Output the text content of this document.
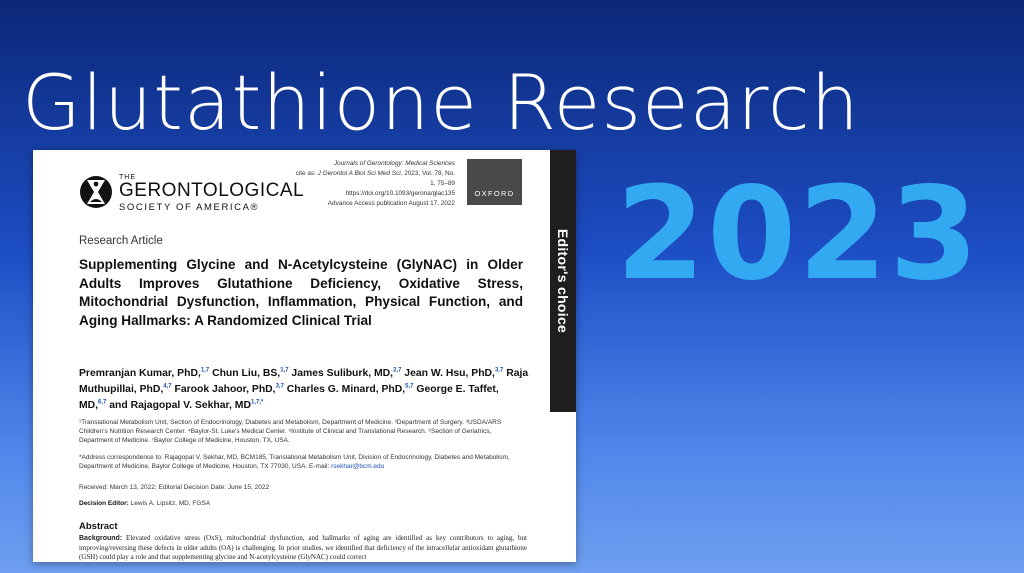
Glutathione Research
2023
Editor's choice
THE
GERONTOLOGICAL
SOCIETY OF AMERICA®
Journals of Gerontology: Medical Sciences
cite as: J Gerontol A Biol Sci Med Sci, 2023, Vol. 78, No. 1, 75–89
https://doi.org/10.1093/gerona/glac135
Advance Access publication August 17, 2022
OXFORD
Research Article
Supplementing Glycine and N-Acetylcysteine (GlyNAC) in Older Adults Improves Glutathione Deficiency, Oxidative Stress, Mitochondrial Dysfunction, Inflammation, Physical Function, and Aging Hallmarks: A Randomized Clinical Trial
Premranjan Kumar, PhD,$^{1,7}$ Chun Liu, BS,$^{1,7}$ James Suliburk, MD,$^{2,7}$ Jean W. Hsu, PhD,$^{3,7}$ Raja Muthupillai, PhD,$^{4,7}$ Farook Jahoor, PhD,$^{3,7}$ Charles G. Minard, PhD,$^{5,7}$ George E. Taffet, MD,$^{6,7}$ and Rajagopal V. Sekhar, $MD^{1,7,*}$
¹Translational Metabolism Unit, Section of Endocrinology, Diabetes and Metabolism, Department of Medicine. ²Department of Surgery. ³USDA/ARS Children's Nutrition Research Center. ⁴Baylor-St. Luke's Medical Center. ⁵Institute of Clinical and Translational Research. ⁶Section of Geriatrics, Department of Medicine. ⁷Baylor College of Medicine, Houston, TX, USA.
*Address correspondence to: Rajagopal V. Sekhar, MD, BCM185, Translational Metabolism Unit, Division of Endocrinology, Diabetes and Metabolism, Department of Medicine, Baylor College of Medicine, Houston, TX 77030, USA. E-mail: rsekhar@bcm.edu
Received: March 13, 2022; Editorial Decision Date: June 15, 2022
Decision Editor: Lewis A. Lipsitz, MD, FGSA
Abstract
Background: Elevated oxidative stress (OxS), mitochondrial dysfunction, and hallmarks of aging are identified as key contributors to aging, but improving/reversing these defects in older adults (OA) is challenging. In prior studies, we identified that deficiency of the intracellular antioxidant glutathione (GSH) could play a role and that supplementing glycine and N-acetylcysteine (GlyNAC) could correct
